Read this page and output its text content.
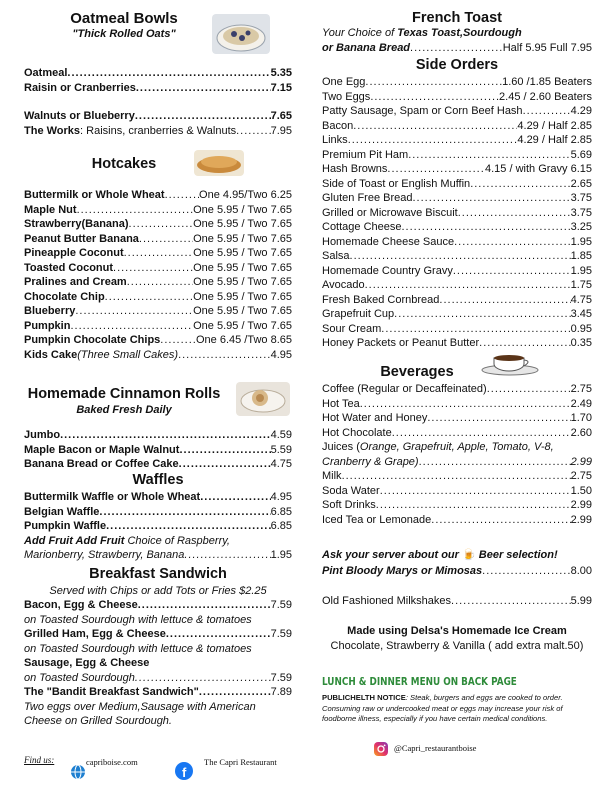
Oatmeal Bowls
"Thick Rolled Oats"
Oatmeal .....	5.35
Raisin or Cranberries .....	7.15
Walnuts or Blueberry .....	7.65
The Works : Raisins, cranberries & Walnuts .....	7.95
Hotcakes
Buttermilk or Whole Wheat .....	One 4.95/Two 6.25
Maple Nut .....	One 5.95 / Two 7.65
Strawberry(Banana) .....	One 5.95 / Two 7.65
Peanut Butter Banana .....	One 5.95 / Two 7.65
Pineapple Coconut .....	One 5.95 / Two 7.65
Toasted Coconut .....	One 5.95 / Two 7.65
Pralines and Cream .....	One 5.95 / Two 7.65
Chocolate Chip .....	One 5.95 / Two 7.65
Blueberry .....	One 5.95 / Two 7.65
Pumpkin .....	One 5.95 / Two 7.65
Pumpkin Chocolate Chips .....	One 6.45 /Two 8.65
Kids Cake (Three Small Cakes) .....	4.95
Homemade Cinnamon Rolls
Baked Fresh Daily
Jumbo .....	4.59
Maple Bacon or Maple Walnut .....	5.59
Banana Bread or Coffee Cake .....	4.75
Waffles
Buttermilk Waffle or Whole Wheat .....	4.95
Belgian Waffle .....	6.85
Pumpkin Waffle .....	6.85
Add Fruit Add Fruit Choice of Raspberry,
Marionberry, Strawberry, Banana .....	1.95
Breakfast Sandwich
Served with Chips or add Tots or Fries $2.25
Bacon, Egg & Cheese .....	7.59
on Toasted Sourdough with lettuce & tomatoes
Grilled Ham, Egg & Cheese .....	7.59
on Toasted Sourdough with lettuce & tomatoes
Sausage, Egg & Cheese
on Toasted Sourdough .....	7.59
The "Bandit Breakfast Sandwich" .....	7.89
Two eggs over Medium,Sausage with American
Cheese on Grilled Sourdough.
Find us:	capriboise.com
f
The Capri Restaurant
French Toast
Your Choice of Texas Toast,Sourdough
or Banana Bread .....	Half 5.95 Full 7.95
Side Orders
One Egg .....	1.60 /1.85 Beaters
Two Eggs .....	2.45 / 2.60 Beaters
Patty Sausage, Spam or Corn Beef Hash .....	4.29
Bacon .....	4.29 / Half 2.85
Links .....	4.29 / Half 2.85
Premium Pit Ham .....	5.69
Hash Browns .....	4.15 / with Gravy 6.15
Side of Toast or English Muffin .....	2.65
Gluten Free Bread .....	3.75
Grilled or Microwave Biscuit .....	3.75
Cottage Cheese .....	3.25
Homemade Cheese Sauce .....	1.95
Salsa .....	1.85
Homemade Country Gravy .....	1.95
Avocado .....	1.75
Fresh Baked Cornbread .....	4.75
Grapefruit Cup .....	3.45
Sour Cream .....	0.95
Honey Packets or Peanut Butter .....	0.35
Beverages
Coffee (Regular or Decaffeinated) .....	2.75
Hot Tea .....	2.49
Hot Water and Honey .....	1.70
Hot Chocolate .....	2.60
Juices (Orange, Grapefruit, Apple, Tomato, V-8,
Cranberry & Grape) .....	2.99
Milk .....	2.75
Soda Water .....	1.50
Soft Drinks .....	2.99
Iced Tea or Lemonade .....	2.99
Ask your server about our 🍺 Beer selection!
Pint Bloody Marys or Mimosas .....	8.00
Old Fashioned Milkshakes .....	5.99
Made using Delsa's Homemade Ice Cream
Chocolate, Strawberry & Vanilla ( add extra malt.50)
LUNCH & DINNER MENU ON BACK PAGE
PUBLICHELTH NOTICE: Steak, burgers and eggs are cooked to order. Consuming raw or undercooked meat or eggs may increase your risk of foodborne illness, especially if you have certain medical conditions.
@Capri_restaurantboise
